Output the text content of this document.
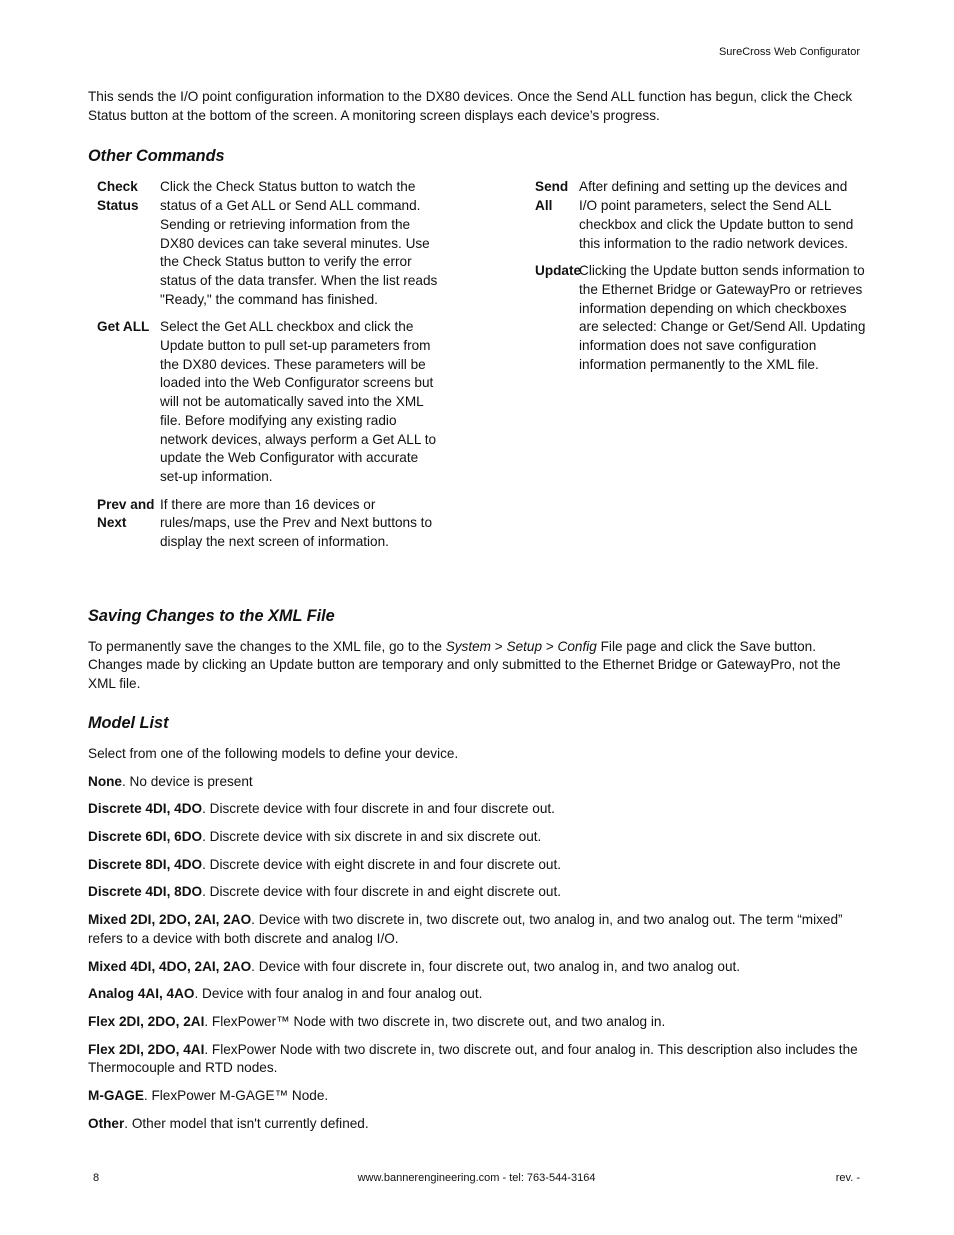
SureCross Web Configurator

This sends the I/O point configuration information to the DX80 devices. Once the Send ALL function has begun, click the Check Status button at the bottom of the screen. A monitoring screen displays each device’s progress.

Other Commands
Check Status
Click the Check Status button to watch the status of a Get ALL or Send ALL command. Sending or retrieving information from the DX80 devices can take several minutes. Use the Check Status button to verify the error status of the data transfer. When the list reads "Ready," the command has finished.
Get ALL Select the Get ALL checkbox and click the Update button to pull set-up parameters from the DX80 devices. These parameters will be loaded into the Web Configurator screens but will not be automatically saved into the XML file. Before modifying any existing radio network devices, always perform a Get ALL to update the Web Configurator with accurate set-up information.
Prev and Next
If there are more than 16 devices or rules/maps, use the Prev and Next buttons to display the next screen of information.
Send All
After defining and setting up the devices and I/O point parameters, select the Send ALL checkbox and click the Update button to send this information to the radio network devices.
Update
Clicking the Update button sends information to the Ethernet Bridge or GatewayPro or retrieves information depending on which checkboxes are selected: Change or Get/Send All. Updating information does not save configuration information permanently to the XML file.
Saving Changes to the XML File

To permanently save the changes to the XML file, go to the System > Setup > Config File page and click the Save button. Changes made by clicking an Update button are temporary and only submitted to the Ethernet Bridge or GatewayPro, not the XML file.

Model List

Select from one of the following models to define your device.

None. No device is present

Discrete 4DI, 4DO. Discrete device with four discrete in and four discrete out.

Discrete 6DI, 6DO. Discrete device with six discrete in and six discrete out.

Discrete 8DI, 4DO. Discrete device with eight discrete in and four discrete out.

Discrete 4DI, 8DO. Discrete device with four discrete in and eight discrete out.

Mixed 2DI, 2DO, 2AI, 2AO. Device with two discrete in, two discrete out, two analog in, and two analog out. The term “mixed” refers to a device with both discrete and analog I/O.

Mixed 4DI, 4DO, 2AI, 2AO. Device with four discrete in, four discrete out, two analog in, and two analog out.

Analog 4AI, 4AO. Device with four analog in and four analog out.

Flex 2DI, 2DO, 2AI. FlexPower™ Node with two discrete in, two discrete out, and two analog in.

Flex 2DI, 2DO, 4AI. FlexPower Node with two discrete in, two discrete out, and four analog in. This description also includes the Thermocouple and RTD nodes.

M-GAGE. FlexPower M-GAGE™ Node.

Other. Other model that isn't currently defined.

8	www.bannerengineering.com - tel: 763-544-3164	rev. -
